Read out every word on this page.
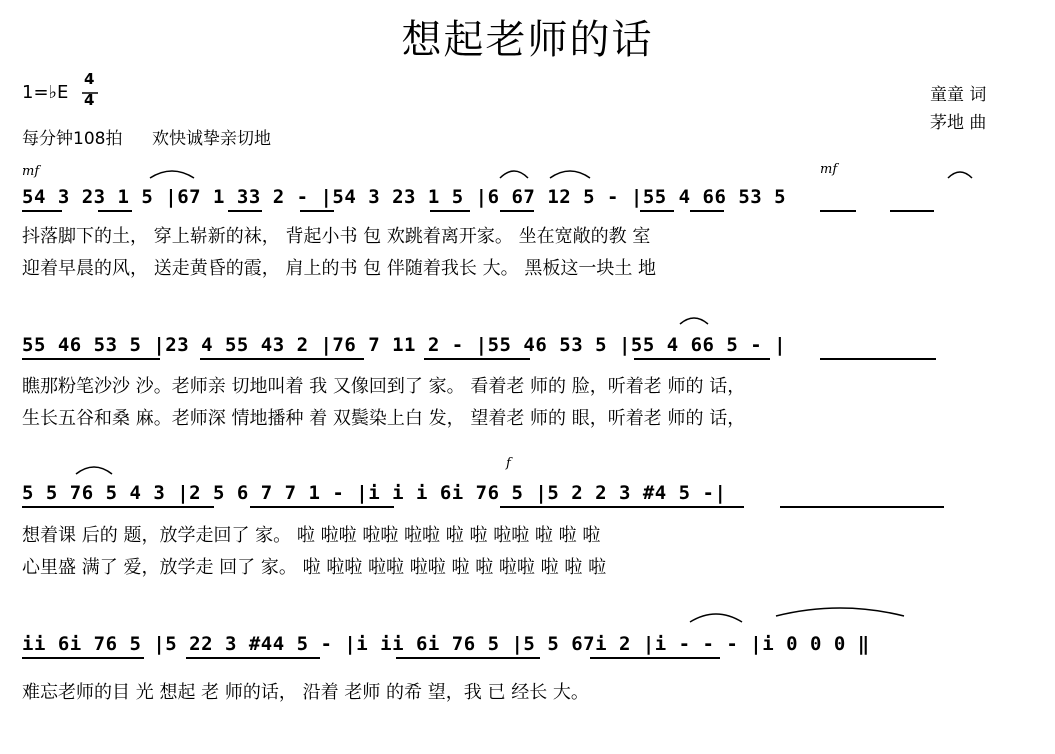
想起老师的话
1=♭E
4
4
每分钟108拍 欢快诚挚亲切地
童童 词
茅地 曲
mf	mf
f
54 3 23 1 5 |67 1 33 2 - |54 3 23 1 5 |6 67 12 5 - |55 4 66 53 5
抖落脚下的土， 穿上崭新的袜， 背起小书 包 欢跳着离开家。 坐在宽敞的教 室
迎着早晨的风， 送走黄昏的霞， 肩上的书 包 伴随着我长 大。 黑板这一块土 地
55 46 53 5 |23 4 55 43 2 |76 7 11 2 - |55 46 53 5 |55 4 66 5 - |
瞧那粉笔沙沙 沙。老师亲 切地叫着 我 又像回到了 家。 看着老 师的 脸，听着老 师的 话，
生长五谷和桑 麻。老师深 情地播种 着 双鬓染上白 发， 望着老 师的 眼，听着老 师的 话，
5 5 76 5 4 3 |2 5 6 7 7 1 - |i i i 6i 76 5 |5 2 2 3 #4 5 -|
想着课 后的 题，放学走回了 家。 啦 啦啦 啦啦 啦啦 啦 啦 啦啦 啦 啦 啦
心里盛 满了 爱，放学走 回了 家。 啦 啦啦 啦啦 啦啦 啦 啦 啦啦 啦 啦 啦
ii 6i 76 5 |5 22 3 #44 5 - |i ii 6i 76 5 |5 5 67i 2 |i - - - |i 0 0 0 ‖
难忘老师的目 光 想起 老 师的话， 沿着 老师 的希 望，我 已 经长 大。
